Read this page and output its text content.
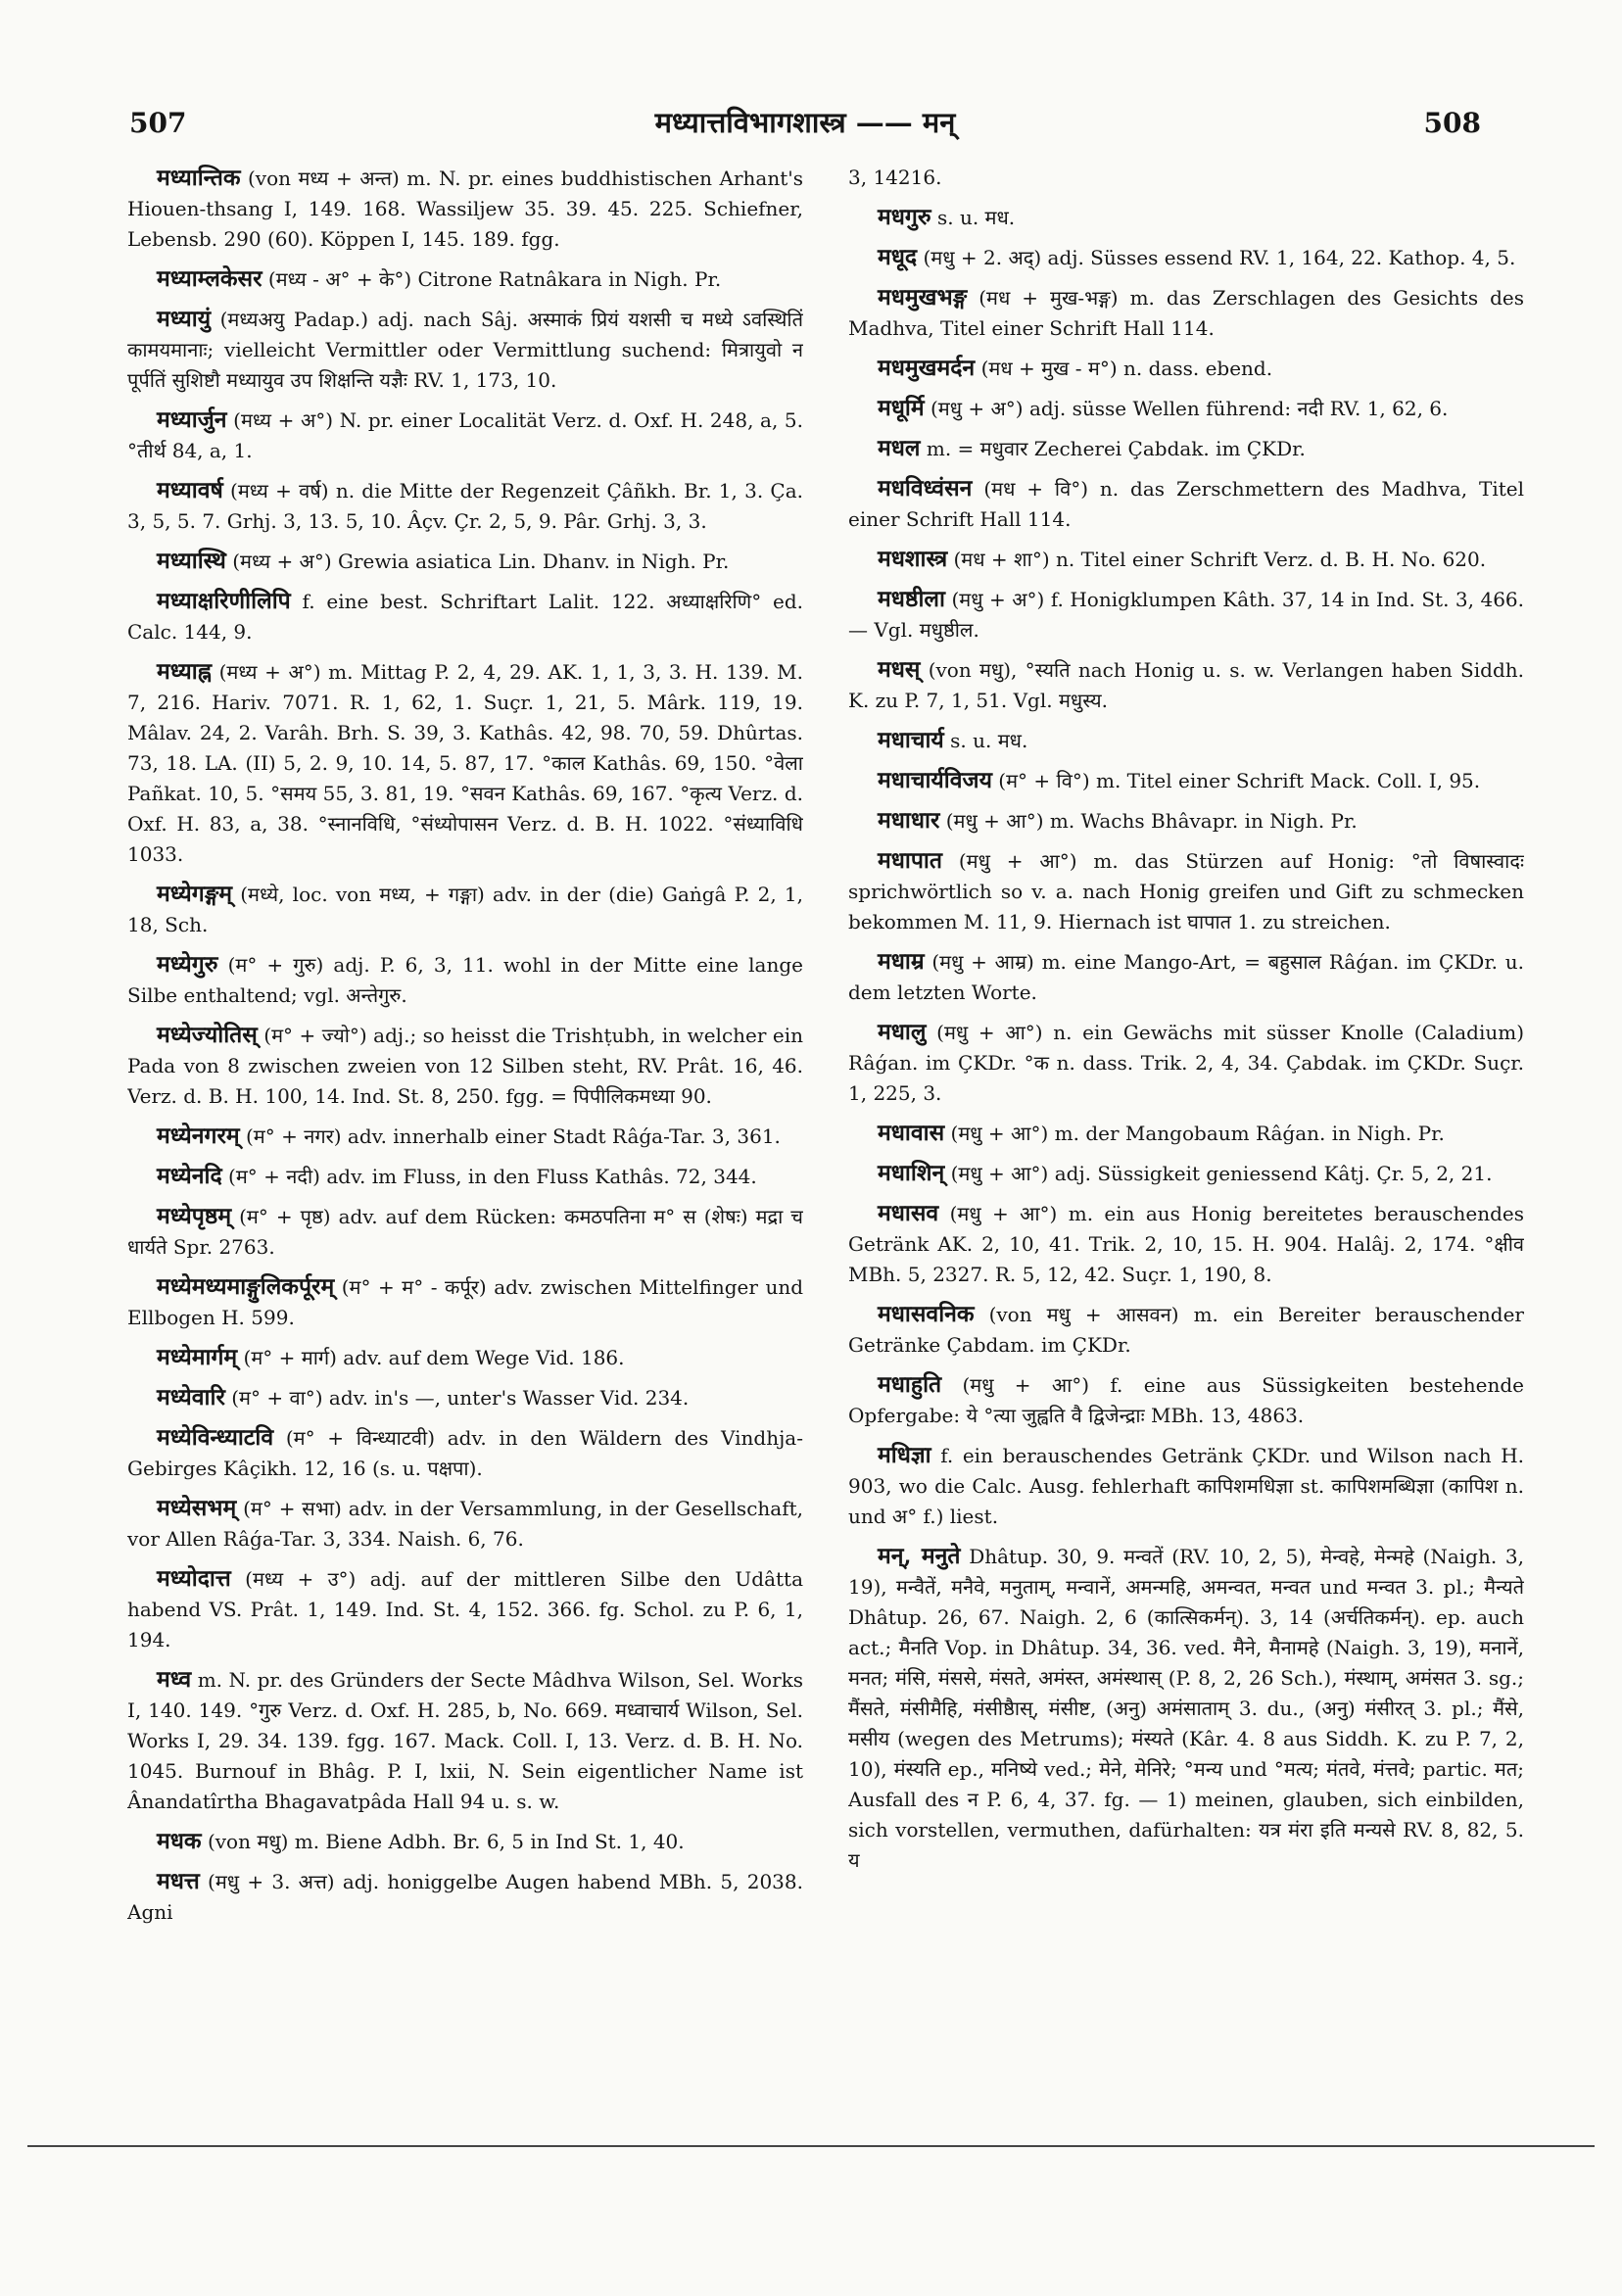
507	मध्यात्तविभागशास्त्र —— मन्	508

मध्यान्तिक (von मध्य + अन्त) m. N. pr. eines buddhistischen Arhant's Hiouen-thsang I, 149. 168. Wassiljew 35. 39. 45. 225. Schiefner, Lebensb. 290 (60). Köppen I, 145. 189. fgg.

मध्याम्लकेसर (मध्य - अ° + के°) Citrone Ratnâkara in Nigh. Pr.

मध्यायुं (मध्यअयु Padap.) adj. nach Sâj. अस्माकं प्रियं यशसी च मध्ये ऽवस्थितिं कामयमानाः; vielleicht Vermittler oder Vermittlung suchend: मित्रायुवो न पूर्पतिं सुशिष्टौ मध्यायुव उप शिक्षन्ति यज्ञैः RV. 1, 173, 10.

मध्यार्जुन (मध्य + अ°) N. pr. einer Localität Verz. d. Oxf. H. 248, a, 5. °तीर्थ 84, a, 1.

मध्यावर्ष (मध्य + वर्ष) n. die Mitte der Regenzeit Çâñkh. Br. 1, 3. Ça. 3, 5, 5. 7. Grhj. 3, 13. 5, 10. Âçv. Çr. 2, 5, 9. Pâr. Grhj. 3, 3.

मध्यास्थि (मध्य + अ°) Grewia asiatica Lin. Dhanv. in Nigh. Pr.

मध्याक्षरिणीलिपि f. eine best. Schriftart Lalit. 122. अध्याक्षरिणि° ed. Calc. 144, 9.

मध्याह्न (मध्य + अ°) m. Mittag P. 2, 4, 29. AK. 1, 1, 3, 3. H. 139. M. 7, 216. Hariv. 7071. R. 1, 62, 1. Suçr. 1, 21, 5. Mârk. 119, 19. Mâlav. 24, 2. Varâh. Brh. S. 39, 3. Kathâs. 42, 98. 70, 59. Dhûrtas. 73, 18. LA. (II) 5, 2. 9, 10. 14, 5. 87, 17. °काल Kathâs. 69, 150. °वेला Pañkat. 10, 5. °समय 55, 3. 81, 19. °सवन Kathâs. 69, 167. °कृत्य Verz. d. Oxf. H. 83, a, 38. °स्नानविधि, °संध्योपासन Verz. d. B. H. 1022. °संध्याविधि 1033.

मध्येगङ्गम् (मध्ये, loc. von मध्य, + गङ्गा) adv. in der (die) Gaṅgâ P. 2, 1, 18, Sch.

मध्येगुरु (म° + गुरु) adj. P. 6, 3, 11. wohl in der Mitte eine lange Silbe enthaltend; vgl. अन्तेगुरु.

मध्येज्योतिस् (म° + ज्यो°) adj.; so heisst die Trishṭubh, in welcher ein Pada von 8 zwischen zweien von 12 Silben steht, RV. Prât. 16, 46. Verz. d. B. H. 100, 14. Ind. St. 8, 250. fgg. = पिपीलिकमध्या 90.

मध्येनगरम् (म° + नगर) adv. innerhalb einer Stadt Râǵa-Tar. 3, 361.

मध्येनदि (म° + नदी) adv. im Fluss, in den Fluss Kathâs. 72, 344.

मध्येपृष्ठम् (म° + पृष्ठ) adv. auf dem Rücken: कमठपतिना म° स (शेषः) मद्रा च धार्यते Spr. 2763.

मध्येमध्यमाङ्गुलिकर्पूरम् (म° + म° - कर्पूर) adv. zwischen Mittelfinger und Ellbogen H. 599.

मध्येमार्गम् (म° + मार्ग) adv. auf dem Wege Vid. 186.

मध्येवारि (म° + वा°) adv. in's —, unter's Wasser Vid. 234.

मध्येविन्ध्याटवि (म° + विन्ध्याटवी) adv. in den Wäldern des Vindhja-Gebirges Kâçikh. 12, 16 (s. u. पक्षपा).

मध्येसभम् (म° + सभा) adv. in der Versammlung, in der Gesellschaft, vor Allen Râǵa-Tar. 3, 334. Naish. 6, 76.

मध्योदात्त (मध्य + उ°) adj. auf der mittleren Silbe den Udâtta habend VS. Prât. 1, 149. Ind. St. 4, 152. 366. fg. Schol. zu P. 6, 1, 194.

मध्व m. N. pr. des Gründers der Secte Mâdhva Wilson, Sel. Works I, 140. 149. °गुरु Verz. d. Oxf. H. 285, b, No. 669. मध्वाचार्य Wilson, Sel. Works I, 29. 34. 139. fgg. 167. Mack. Coll. I, 13. Verz. d. B. H. No. 1045. Burnouf in Bhâg. P. I, lxii, N. Sein eigentlicher Name ist Ânandatîrtha Bhagavatpâda Hall 94 u. s. w.

मधक (von मधु) m. Biene Adbh. Br. 6, 5 in Ind St. 1, 40.

मधत्त (मधु + 3. अत्त) adj. honiggelbe Augen habend MBh. 5, 2038. Agni

3, 14216.

मधगुरु s. u. मध.

मधूद (मधु + 2. अद्) adj. Süsses essend RV. 1, 164, 22. Kathop. 4, 5.

मधमुखभङ्ग (मध + मुख-भङ्ग) m. das Zerschlagen des Gesichts des Madhva, Titel einer Schrift Hall 114.

मधमुखमर्दन (मध + मुख - म°) n. dass. ebend.

मधूर्मि (मधु + अ°) adj. süsse Wellen führend: नदी RV. 1, 62, 6.

मधल m. = मधुवार Zecherei Çabdak. im ÇKDr.

मधविध्वंसन (मध + वि°) n. das Zerschmettern des Madhva, Titel einer Schrift Hall 114.

मधशास्त्र (मध + शा°) n. Titel einer Schrift Verz. d. B. H. No. 620.

मधष्ठीला (मधु + अ°) f. Honigklumpen Kâth. 37, 14 in Ind. St. 3, 466. — Vgl. मधुष्ठील.

मधस् (von मधु), °स्यति nach Honig u. s. w. Verlangen haben Siddh. K. zu P. 7, 1, 51. Vgl. मधुस्य.

मधाचार्य s. u. मध.

मधाचार्यविजय (म° + वि°) m. Titel einer Schrift Mack. Coll. I, 95.

मधाधार (मधु + आ°) m. Wachs Bhâvapr. in Nigh. Pr.

मधापात (मधु + आ°) m. das Stürzen auf Honig: °तो विषास्वादः sprichwörtlich so v. a. nach Honig greifen und Gift zu schmecken bekommen M. 11, 9. Hiernach ist घापात 1. zu streichen.

मधाम्र (मधु + आम्र) m. eine Mango-Art, = बहुसाल Râǵan. im ÇKDr. u. dem letzten Worte.

मधालु (मधु + आ°) n. ein Gewächs mit süsser Knolle (Caladium) Râǵan. im ÇKDr. °क n. dass. Trik. 2, 4, 34. Çabdak. im ÇKDr. Suçr. 1, 225, 3.

मधावास (मधु + आ°) m. der Mangobaum Râǵan. in Nigh. Pr.

मधाशिन् (मधु + आ°) adj. Süssigkeit geniessend Kâtj. Çr. 5, 2, 21.

मधासव (मधु + आ°) m. ein aus Honig bereitetes berauschendes Getränk AK. 2, 10, 41. Trik. 2, 10, 15. H. 904. Halâj. 2, 174. °क्षीव MBh. 5, 2327. R. 5, 12, 42. Suçr. 1, 190, 8.

मधासवनिक (von मधु + आसवन) m. ein Bereiter berauschender Getränke Çabdam. im ÇKDr.

मधाहुति (मधु + आ°) f. eine aus Süssigkeiten bestehende Opfergabe: ये °त्या जुह्वति वै द्विजेन्द्राः MBh. 13, 4863.

मधिज्ञा f. ein berauschendes Getränk ÇKDr. und Wilson nach H. 903, wo die Calc. Ausg. fehlerhaft कापिशमधिज्ञा st. कापिशमब्धिज्ञा (कापिश n. und अ° f.) liest.

मन्, मनुते Dhâtup. 30, 9. मन्वतें (RV. 10, 2, 5), मेन्वहे, मेन्महे (Naigh. 3, 19), मन्वैतें, मनैवे, मनुताम्, मन्वानें, अमन्महि, अमन्वत, मन्वत und मन्वत 3. pl.; मैन्यते Dhâtup. 26, 67. Naigh. 2, 6 (कात्सिकर्मन्). 3, 14 (अर्चतिकर्मन्). ep. auch act.; मैनति Vop. in Dhâtup. 34, 36. ved. मैने, मैनामहे (Naigh. 3, 19), मनानें, मनत; मंसि, मंससे, मंसते, अमंस्त, अमंस्थास् (P. 8, 2, 26 Sch.), मंस्थाम्, अमंसत 3. sg.; मैंसते, मंसीमैहि, मंसीष्ठैास्, मंसीष्ट, (अनु) अमंसाताम् 3. du., (अनु) मंसीरत् 3. pl.; मैंसे, मसीय (wegen des Metrums); मंस्यते (Kâr. 4. 8 aus Siddh. K. zu P. 7, 2, 10), मंस्यति ep., मनिष्ये ved.; मेने, मेनिरे; °मन्य und °मत्य; मंतवे, मंत्तवे; partic. मत; Ausfall des न P. 6, 4, 37. fg. — 1) meinen, glauben, sich einbilden, sich vorstellen, vermuthen, dafürhalten: यत्र मंरा इति मन्यसे RV. 8, 82, 5. य
